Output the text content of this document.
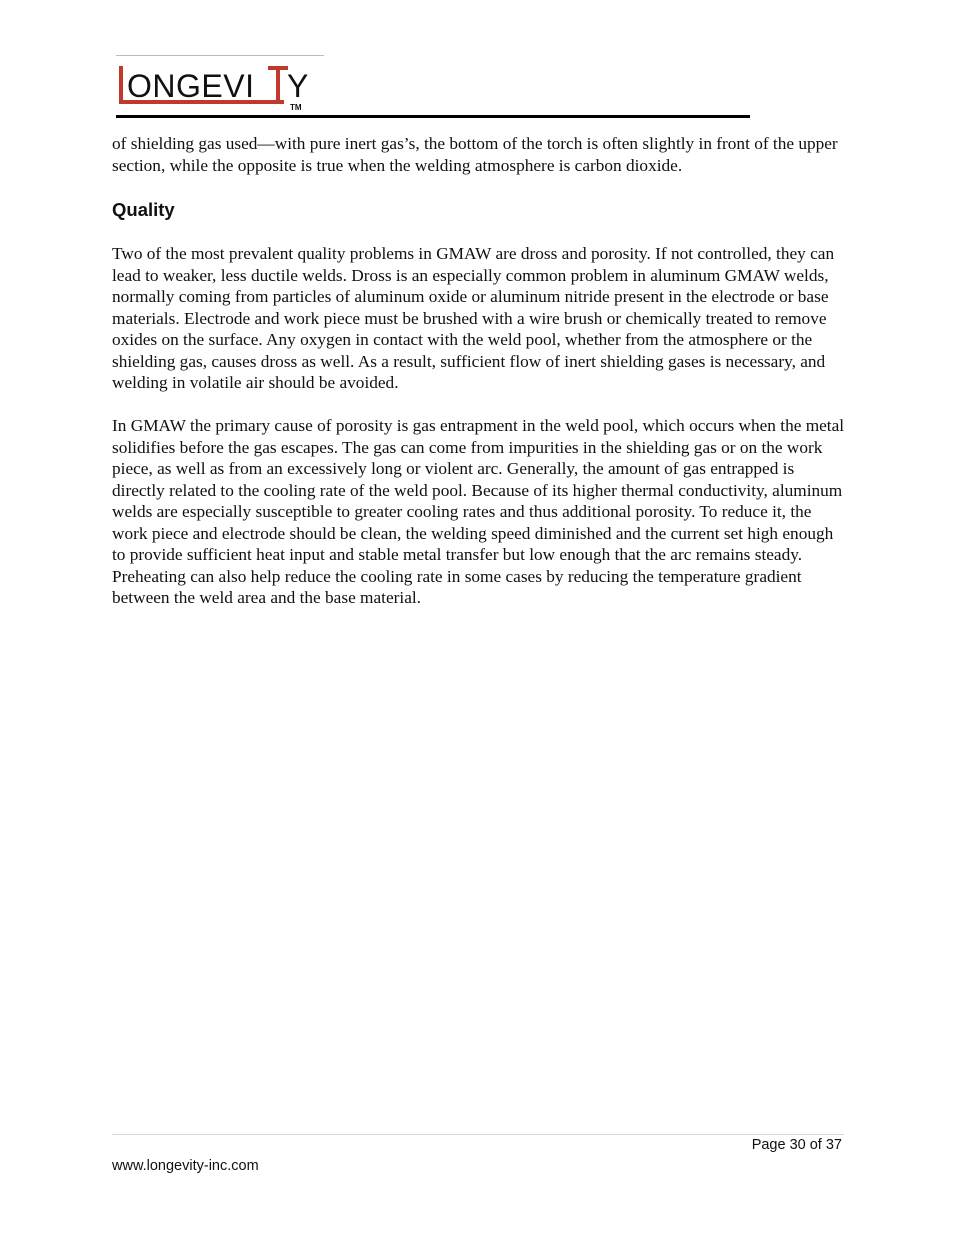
ONGEVI Y
TM

of shielding gas used—with pure inert gas’s, the bottom of the torch is often slightly in front of the upper section, while the opposite is true when the welding atmosphere is carbon dioxide.

Quality

Two of the most prevalent quality problems in GMAW are dross and porosity. If not controlled, they can lead to weaker, less ductile welds. Dross is an especially common problem in aluminum GMAW welds, normally coming from particles of aluminum oxide or aluminum nitride present in the electrode or base materials. Electrode and work piece must be brushed with a wire brush or chemically treated to remove oxides on the surface. Any oxygen in contact with the weld pool, whether from the atmosphere or the shielding gas, causes dross as well. As a result, sufficient flow of inert shielding gases is necessary, and welding in volatile air should be avoided.

In GMAW the primary cause of porosity is gas entrapment in the weld pool, which occurs when the metal solidifies before the gas escapes. The gas can come from impurities in the shielding gas or on the work piece, as well as from an excessively long or violent arc. Generally, the amount of gas entrapped is directly related to the cooling rate of the weld pool. Because of its higher thermal conductivity, aluminum welds are especially susceptible to greater cooling rates and thus additional porosity. To reduce it, the work piece and electrode should be clean, the welding speed diminished and the current set high enough to provide sufficient heat input and stable metal transfer but low enough that the arc remains steady. Preheating can also help reduce the cooling rate in some cases by reducing the temperature gradient between the weld area and the base material.

Page 30 of 37
www.longevity-inc.com
